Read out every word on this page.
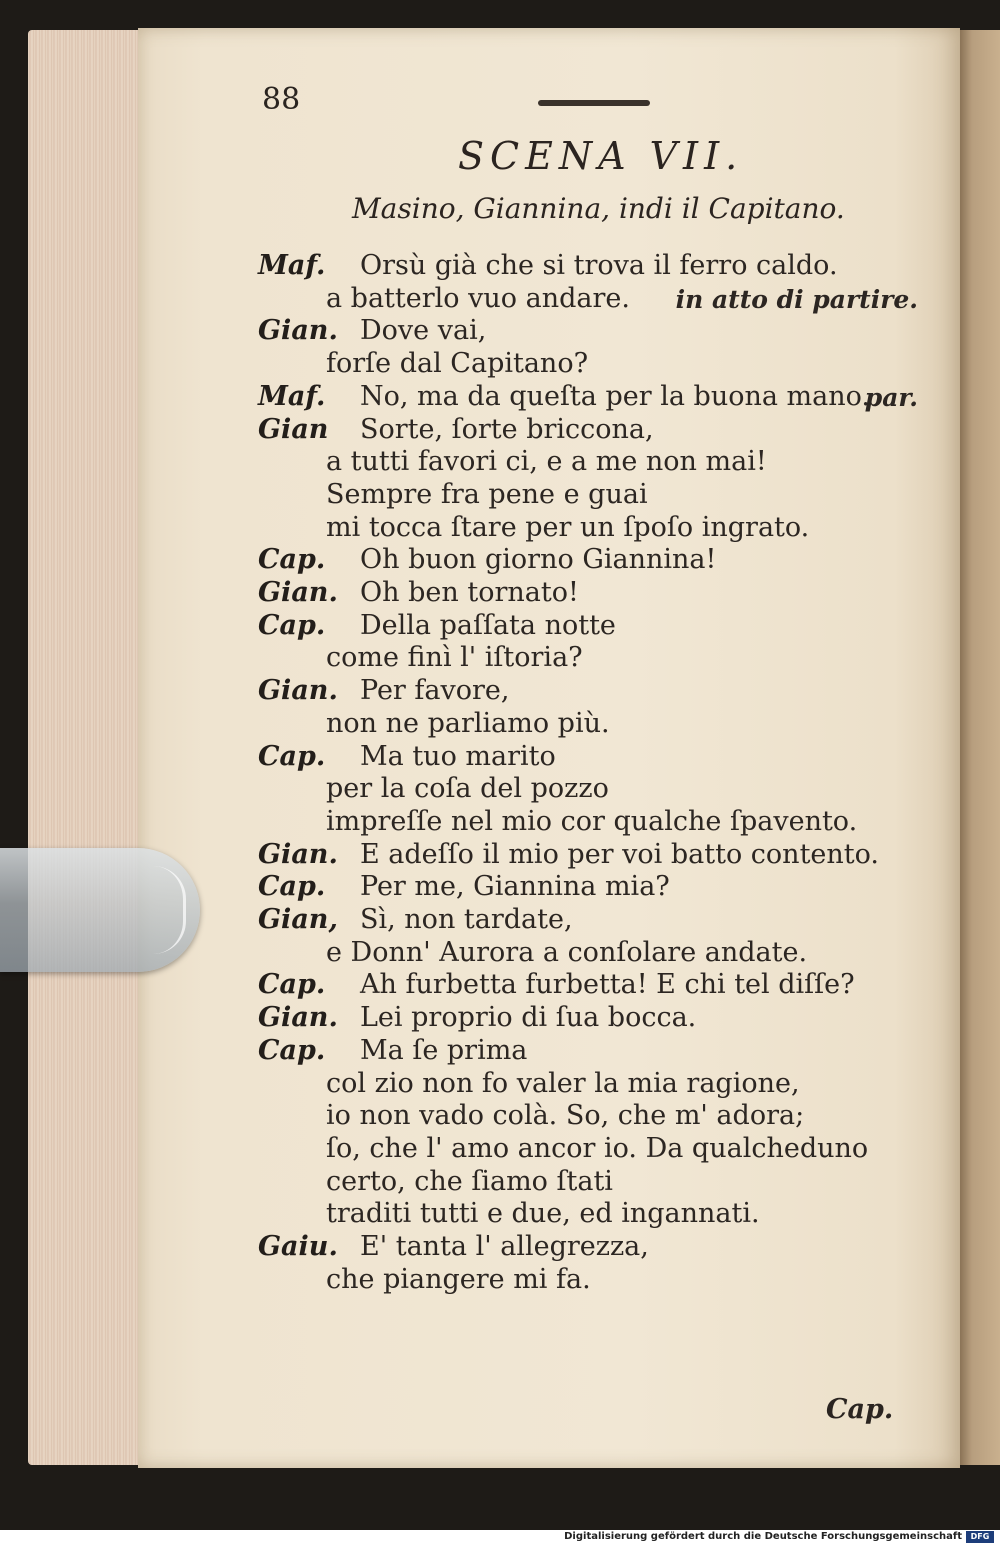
88
SCENA VII.
Masino, Giannina, indi il Capitano.
Maf. Orsù già che si trova il ferro caldo.
a batterlo vuo andare. in atto di partire.
Gian. Dove vai,
forſe dal Capitano?
Maf. No, ma da queſta per la buona mano.
par.
Gian Sorte, ſorte briccona,
a tutti favori ci, e a me non mai!
Sempre fra pene e guai
mi tocca ſtare per un ſpoſo ingrato.
Cap. Oh buon giorno Giannina!
Gian. Oh ben tornato!
Cap. Della paſſata notte
come finì l' iſtoria?
Gian. Per favore,
non ne parliamo più.
Cap. Ma tuo marito
per la coſa del pozzo
impreſſe nel mio cor qualche ſpavento.
Gian. E adeſſo il mio per voi batto contento.
Cap. Per me, Giannina mia?
Gian, Sì, non tardate,
e Donn' Aurora a conſolare andate.
Cap. Ah furbetta furbetta! E chi tel diſſe?
Gian. Lei proprio di ſua bocca.
Cap. Ma ſe prima
col zio non fo valer la mia ragione,
io non vado colà. So, che m' adora;
ſo, che l' amo ancor io. Da qualcheduno
certo, che ſiamo ſtati
traditi tutti e due, ed ingannati.
Gaiu. E' tanta l' allegrezza,
che piangere mi fa.
Cap.
Digitalisierung gefördert durch die Deutsche Forschungsgemeinschaft	DFG
